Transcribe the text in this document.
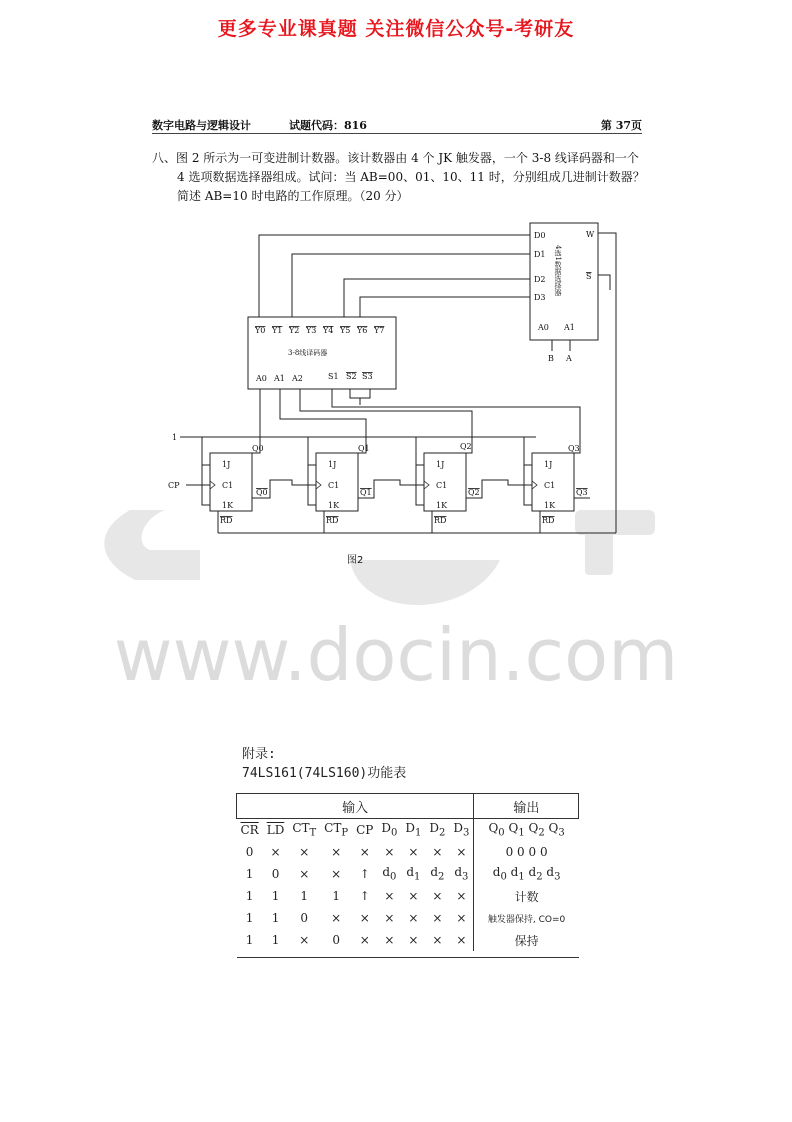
更多专业课真题 关注微信公众号-考研友
数字电路与逻辑设计	试题代码：816	第 37页
八、图 2 所示为一可变进制计数器。该计数器由 4 个 JK 触发器，一个 3-8 线译码器和一个
4 选项数据选择器组成。试问：当 AB=00、01、10、11 时，分别组成几进制计数器？
简述 AB=10 时电路的工作原理。（20 分）
www.docin.com
D0
D1
D2
D3
W
S
4选1数据选择器
A0 A1
B A
Y0 Y1 Y2 Y3 Y4 Y5 Y6 Y7
3-8线译码器
A0 A1 A2	S1 S2 S3
1
CP
1J
C1
1K
1J
C1
1K
1J
C1
1K
1J
C1
1K
Q0	Q1	Q2	Q3
Q0	Q1	Q2	Q3
RD	RD	RD	RD
图2
附录:
74LS161(74LS160)功能表
输入									输出
$\overline{CR}$	$\overline{LD}$	$CT_T$	$CT_P$	CP	$D_0$	$D_1$	$D_2$	$D_3$	$Q_0$ $Q_1$ $Q_2$ $Q_3$
0	×	×	×	×	×	×	×	×	0 0 0 0
1	0	×	×	↑	$d_0$	$d_1$	$d_2$	$d_3$	$d_0$ $d_1$ $d_2$ $d_3$
1	1	1	1	↑	×	×	×	×	计数
1	1	0	×	×	×	×	×	×	触发器保持, CO=0
1	1	×	0	×	×	×	×	×	保持
